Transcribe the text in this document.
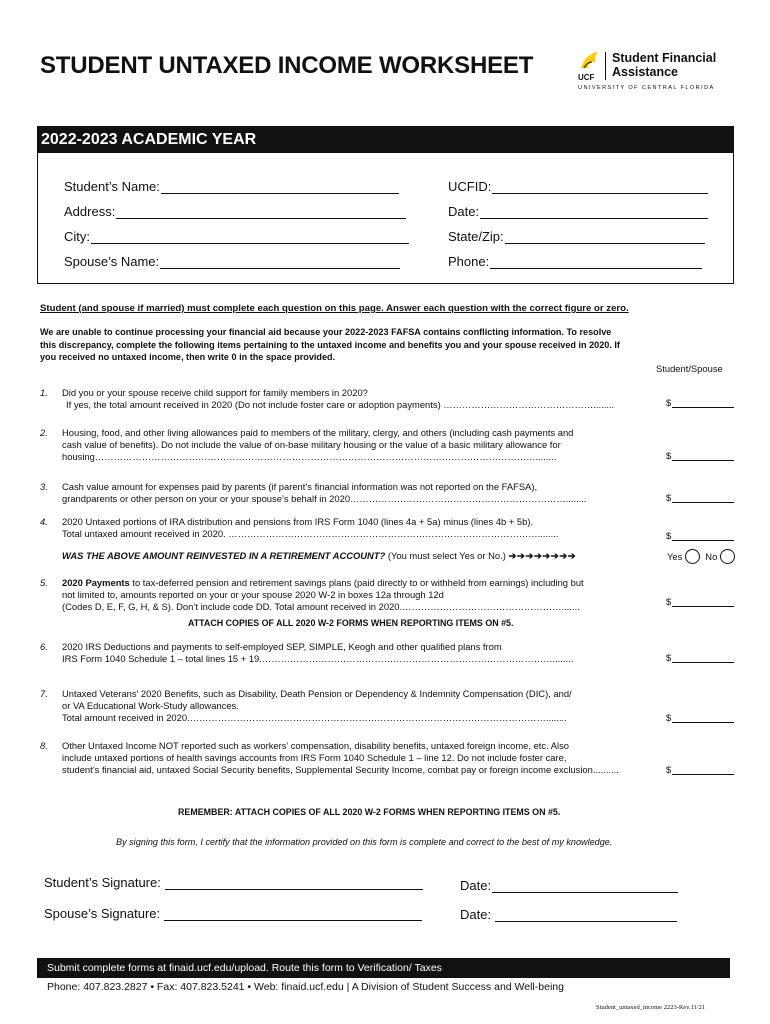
STUDENT UNTAXED INCOME WORKSHEET	UCF
Student Financial
Assistance
UNIVERSITY OF CENTRAL FLORIDA
2022-2023 ACADEMIC YEAR
Student’s Name:	UCFID:
Address:	Date:
City:	State/Zip:
Spouse’s Name:	Phone:
Student (and spouse if married) must complete each question on this page. Answer each question with the correct figure or zero.
We are unable to continue processing your financial aid because your 2022-2023 FAFSA contains conflicting information. To resolve
this discrepancy, complete the following items pertaining to the untaxed income and benefits you and your spouse received in 2020. If
you received no untaxed income, then write 0 in the space provided.
Student/Spouse
1. Did you or your spouse receive child support for family members in 2020?
If yes, the total amount received in 2020 (Do not include foster care or adoption payments) …………………………………………........	$
2. Housing, food, and other living allowances paid to members of the military, clergy, and others (including cash payments and
cash value of benefits). Do not include the value of on-base military housing or the value of a basic military allowance for
housing……………………………………………………………………………………………………………………………........	$
3. Cash value amount for expenses paid by parents (if parent’s financial information was not reported on the FAFSA),
grandparents or other person on your or your spouse’s behalf in 2020……………………………………………………………........	$
4. 2020 Untaxed portions of IRA distribution and pensions from IRS Form 1040 (lines 4a + 5a) minus (lines 4b + 5b).
Total untaxed amount received in 2020. ………………………………………………………………………………………........	$
WAS THE ABOVE AMOUNT REINVESTED IN A RETIREMENT ACCOUNT? (You must select Yes or No.) ➔ ➔ ➔ ➔ ➔ ➔ ➔ ➔	Yes No
5. 2020 Payments to tax-deferred pension and retirement savings plans (paid directly to or withheld from earnings) including but
not limited to, amounts reported on your or your spouse 2020 W-2 in boxes 12a through 12d
(Codes D, E, F, G, H, & S). Don’t include code DD. Total amount received in 2020.…………………………………………….......	$
ATTACH COPIES OF ALL 2020 W-2 FORMS WHEN REPORTING ITEMS ON #5.
6. 2020 IRS Deductions and payments to self-employed SEP, SIMPLE, Keogh and other qualified plans from
IRS Form 1040 Schedule 1 – total lines 15 + 19.…………………………………………………………………………………........	$
7. Untaxed Veterans’ 2020 Benefits, such as Disability, Death Pension or Dependency & Indemnity Compensation (DIC), and/
or VA Educational Work-Study allowances.
Total amount received in 2020.……………………………………………………………………………………………………........	$
8. Other Untaxed Income NOT reported such as workers’ compensation, disability benefits, untaxed foreign income, etc. Also
include untaxed portions of health savings accounts from IRS Form 1040 Schedule 1 – line 12. Do not include foster care,
student’s financial aid, untaxed Social Security benefits, Supplemental Security Income, combat pay or foreign income exclusion..........	$
REMEMBER: ATTACH COPIES OF ALL 2020 W-2 FORMS WHEN REPORTING ITEMS ON #5.
By signing this form, I certify that the information provided on this form is complete and correct to the best of my knowledge.
Student’s Signature:	Date:
Spouse’s Signature:	Date:
Submit complete forms at finaid.ucf.edu/upload. Route this form to Verification/ Taxes
Phone: 407.823.2827 • Fax: 407.823.5241 • Web: finaid.ucf.edu | A Division of Student Success and Well-being
Student_untaxed_income 2223-Rev.11/21
